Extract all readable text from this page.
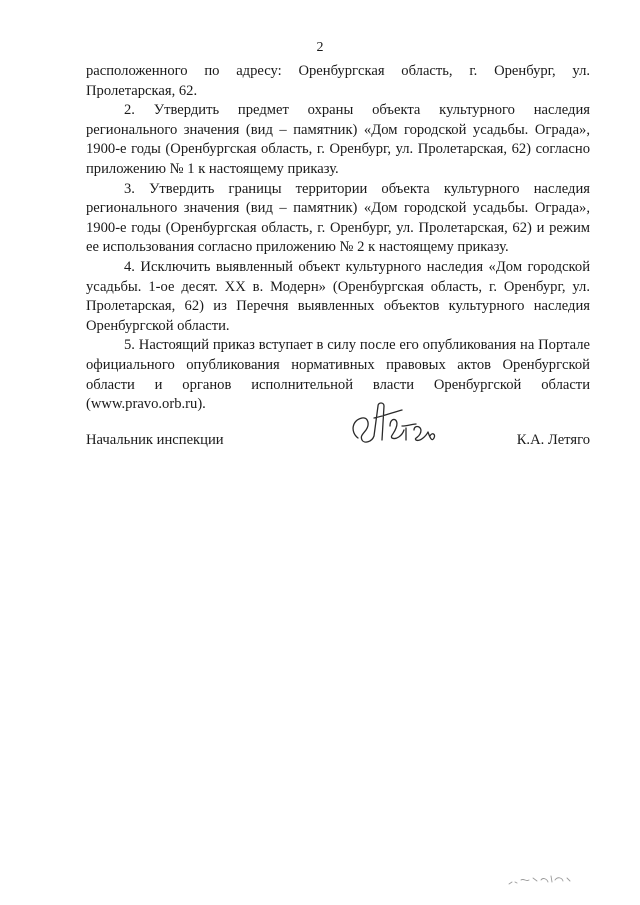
2

расположенного по адресу: Оренбургская область, г. Оренбург, ул. Пролетарская, 62.

2. Утвердить предмет охраны объекта культурного наследия регионального значения (вид – памятник) «Дом городской усадьбы. Ограда», 1900-е годы (Оренбургская область, г. Оренбург, ул. Пролетарская, 62) согласно приложению № 1 к настоящему приказу.

3. Утвердить границы территории объекта культурного наследия регионального значения (вид – памятник) «Дом городской усадьбы. Ограда», 1900-е годы (Оренбургская область, г. Оренбург, ул. Пролетарская, 62) и режим ее использования согласно приложению № 2 к настоящему приказу.

4. Исключить выявленный объект культурного наследия «Дом городской усадьбы. 1-ое десят. XX в. Модерн» (Оренбургская область, г. Оренбург, ул. Пролетарская, 62) из Перечня выявленных объектов культурного наследия Оренбургской области.

5. Настоящий приказ вступает в силу после его опубликования на Портале официального опубликования нормативных правовых актов Оренбургской области и органов исполнительной власти Оренбургской области (www.pravo.orb.ru).

Начальник инспекции	К.А. Летяго
